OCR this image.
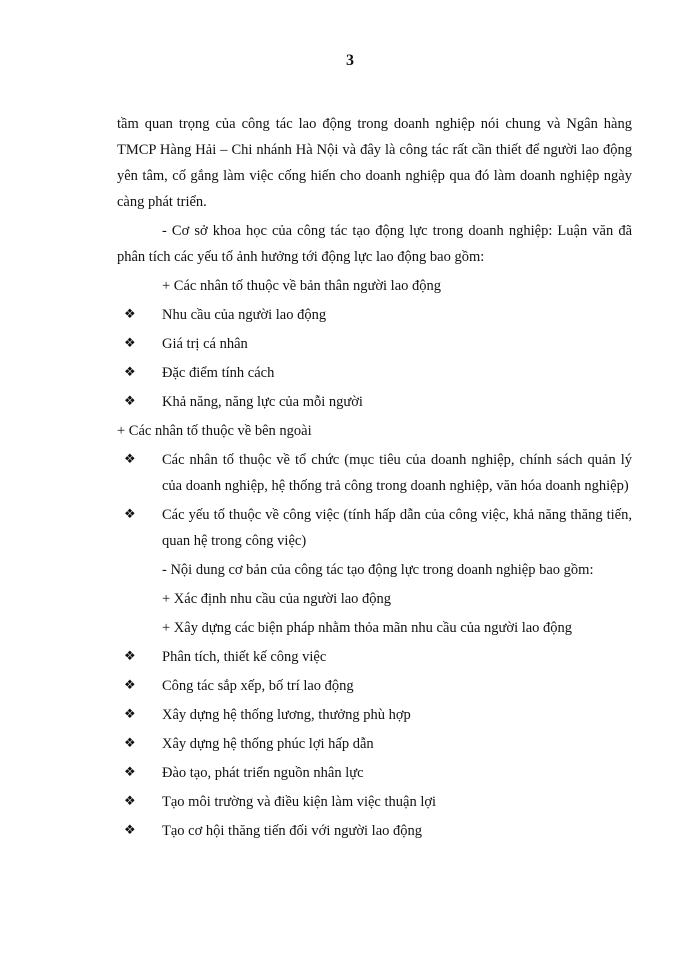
3

tầm quan trọng của công tác lao động trong doanh nghiệp nói chung và Ngân hàng TMCP Hàng Hải – Chi nhánh Hà Nội và đây là công tác rất cần thiết để người lao động yên tâm, cố gắng làm việc cống hiến cho doanh nghiệp qua đó làm doanh nghiệp ngày càng phát triển.

- Cơ sở khoa học của công tác tạo động lực trong doanh nghiệp: Luận văn đã phân tích các yếu tố ảnh hưởng tới động lực lao động bao gồm:

+ Các nhân tố thuộc về bản thân người lao động

❖ Nhu cầu của người lao động
❖ Giá trị cá nhân
❖ Đặc điểm tính cách
❖ Khả năng, năng lực của mỗi người

+ Các nhân tố thuộc về bên ngoài

❖ Các nhân tố thuộc về tổ chức (mục tiêu của doanh nghiệp, chính sách quản lý của doanh nghiệp, hệ thống trả công trong doanh nghiệp, văn hóa doanh nghiệp)
❖ Các yếu tố thuộc về công việc (tính hấp dẫn của công việc, khả năng thăng tiến, quan hệ trong công việc)

- Nội dung cơ bản của công tác tạo động lực trong doanh nghiệp bao gồm:

+ Xác định nhu cầu của người lao động

+ Xây dựng các biện pháp nhằm thỏa mãn nhu cầu của người lao động

❖ Phân tích, thiết kế công việc
❖ Công tác sắp xếp, bố trí lao động
❖ Xây dựng hệ thống lương, thưởng phù hợp
❖ Xây dựng hệ thống phúc lợi hấp dẫn
❖ Đào tạo, phát triển nguồn nhân lực
❖ Tạo môi trường và điều kiện làm việc thuận lợi
❖ Tạo cơ hội thăng tiến đối với người lao động
